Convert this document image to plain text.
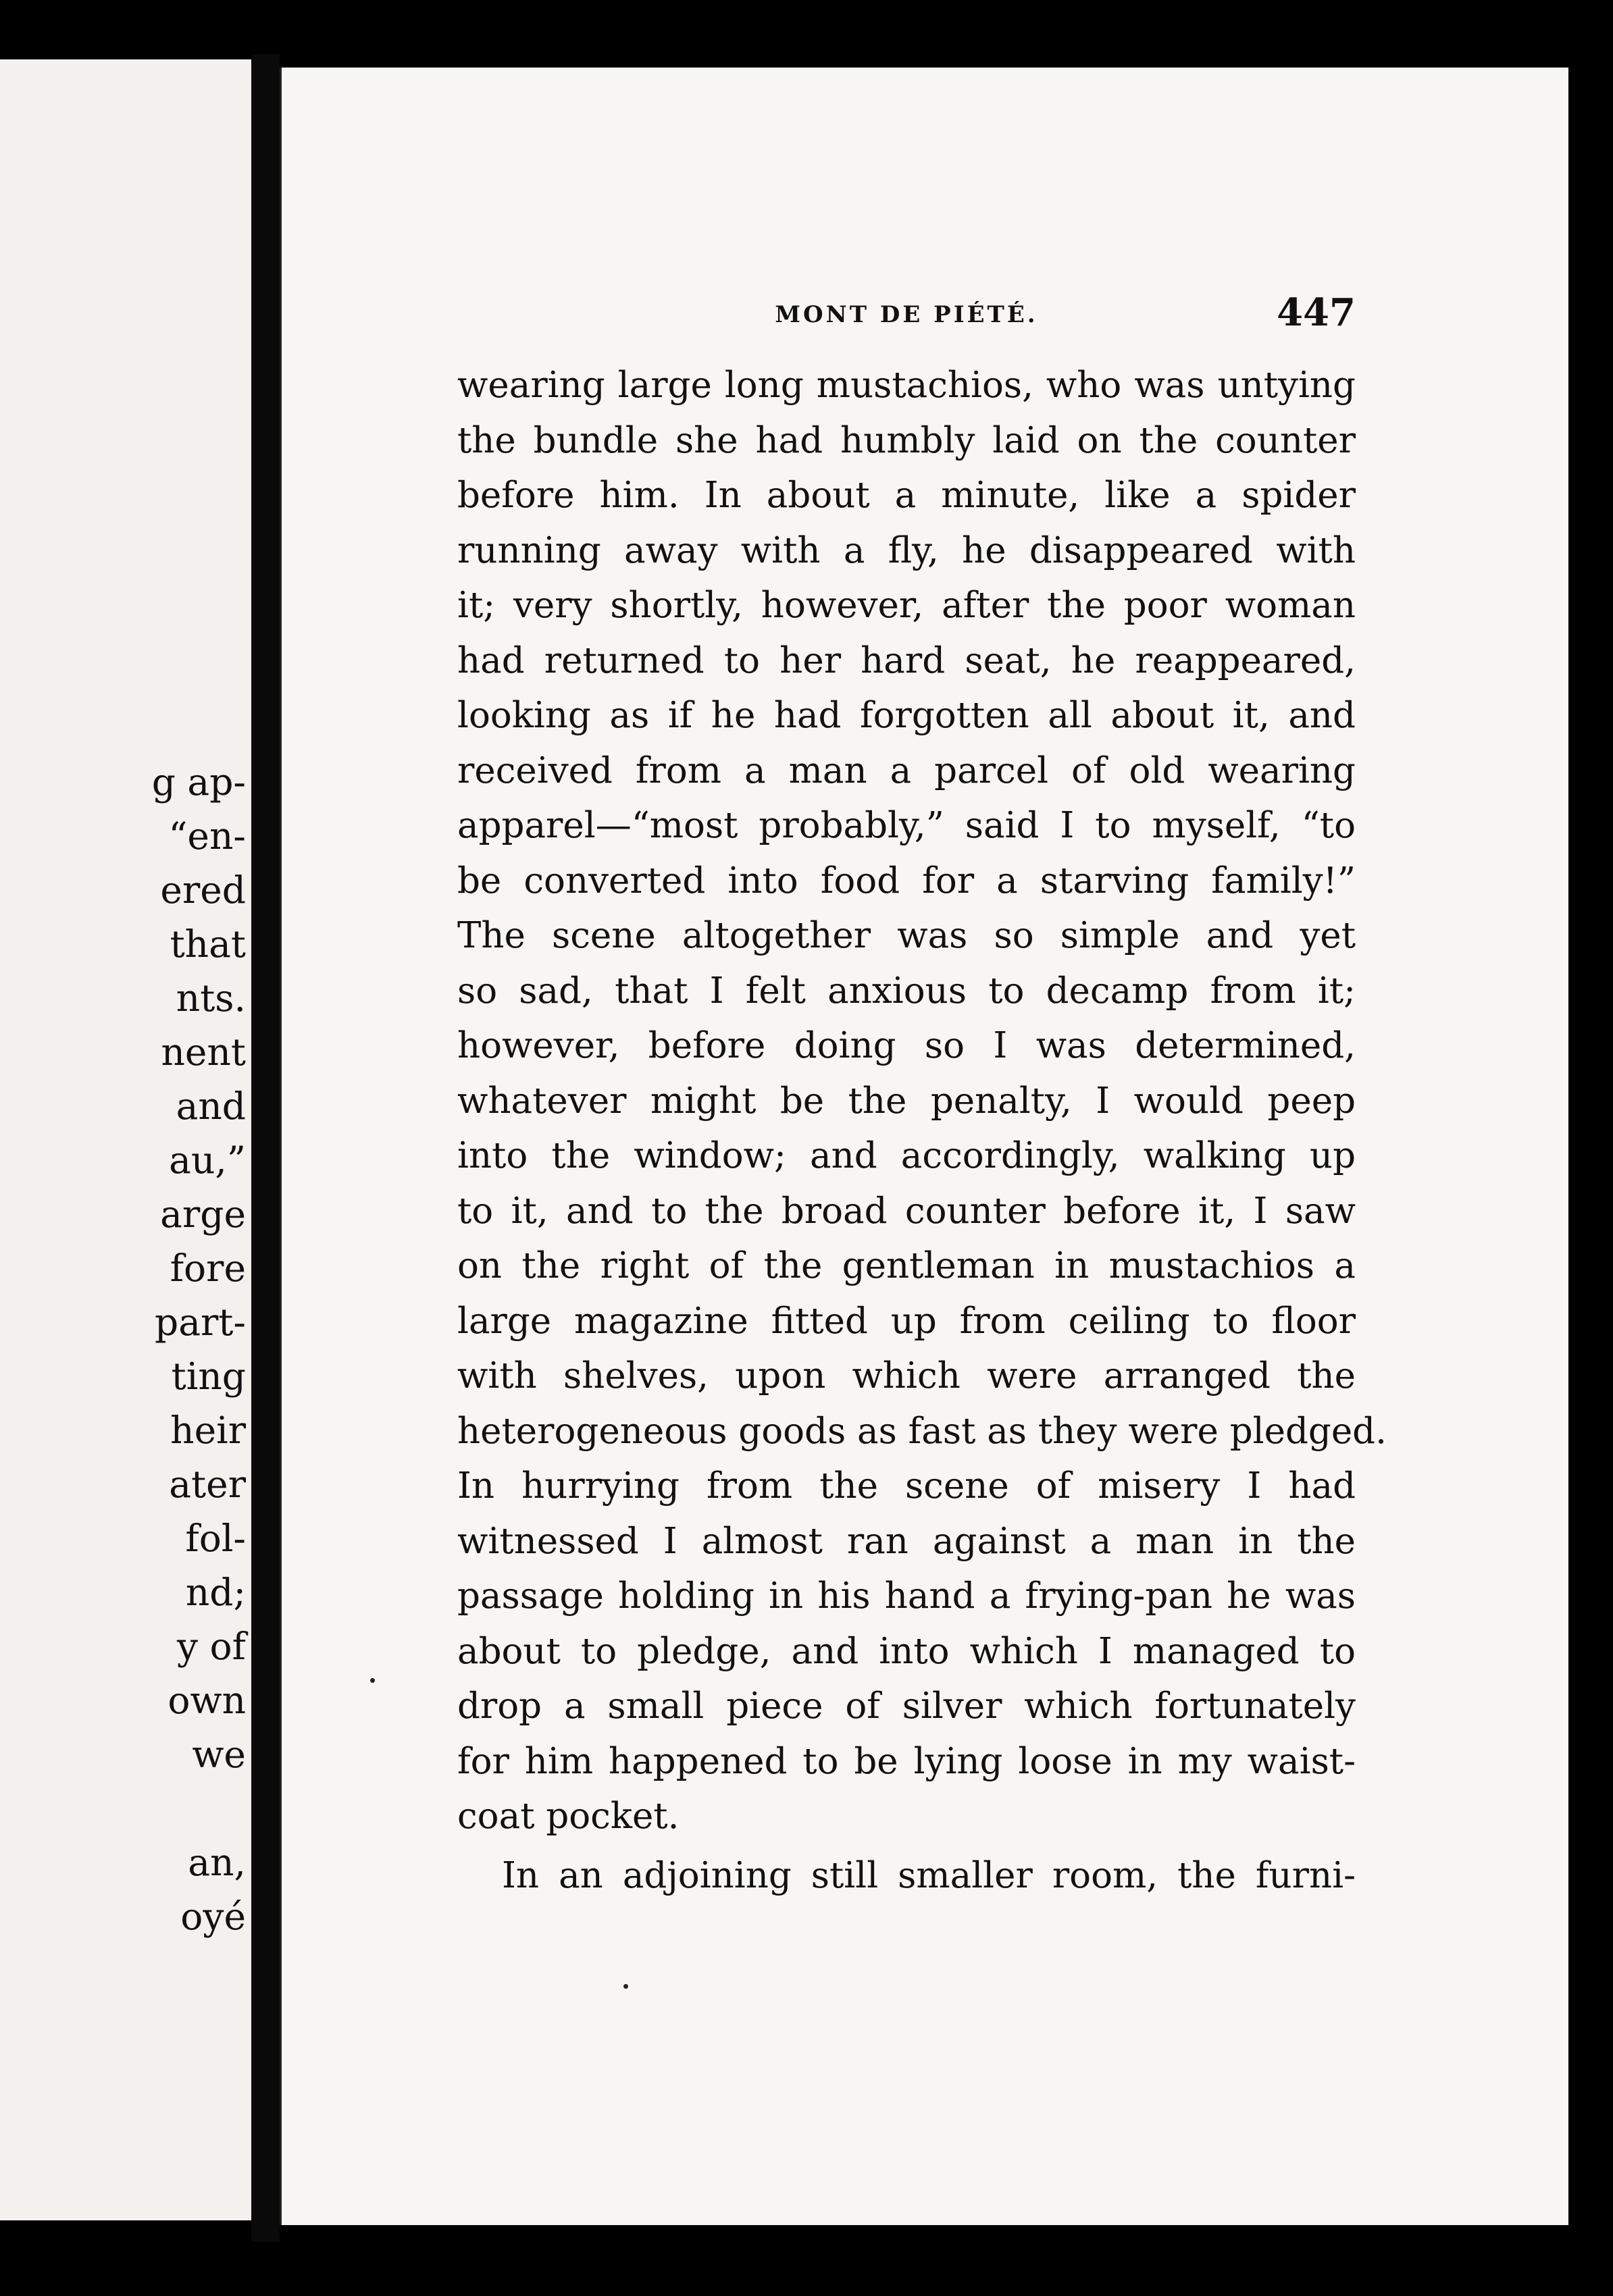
g ap-

“en-

ered

that

nts.

nent

and

au,”

arge

fore

part-

ting

heir

ater

fol-

nd;

y of

own

we

an,

oyé

MONT DE PIÉTÉ.	447
wearing large long mustachios, who was untying
the bundle she had humbly laid on the counter
before him. In about a minute, like a spider
running away with a fly, he disappeared with
it; very shortly, however, after the poor woman
had returned to her hard seat, he reappeared,
looking as if he had forgotten all about it, and
received from a man a parcel of old wearing
apparel—“most probably,” said I to myself, “to
be converted into food for a starving family!”
The scene altogether was so simple and yet
so sad, that I felt anxious to decamp from it;
however, before doing so I was determined,
whatever might be the penalty, I would peep
into the window; and accordingly, walking up
to it, and to the broad counter before it, I saw
on the right of the gentleman in mustachios a
large magazine fitted up from ceiling to floor
with shelves, upon which were arranged the
heterogeneous goods as fast as they were pledged.
In hurrying from the scene of misery I had
witnessed I almost ran against a man in the
passage holding in his hand a frying-pan he was
about to pledge, and into which I managed to
drop a small piece of silver which fortunately
for him happened to be lying loose in my waist-
coat pocket.
In an adjoining still smaller room, the furni-
